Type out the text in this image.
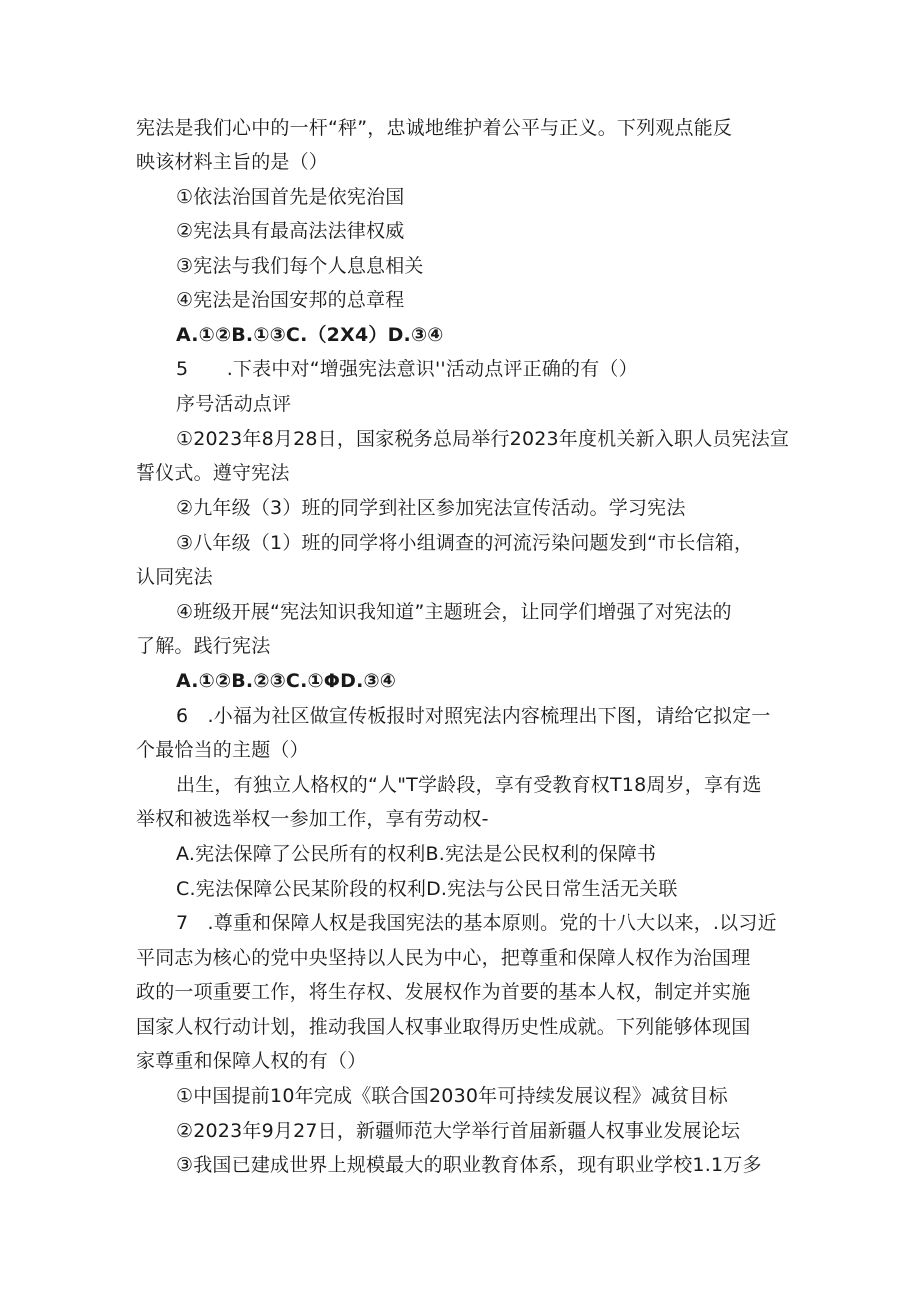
宪法是我们心中的一杆“秤”，忠诚地维护着公平与正义。下列观点能反
映该材料主旨的是（）
①依法治国首先是依宪治国
②宪法具有最高法法律权威
③宪法与我们每个人息息相关
④宪法是治国安邦的总章程
A.①②B.①③C.（2X4）D.③④
5　　.下表中对“增强宪法意识''活动点评正确的有（）
序号活动点评
①2023年8月28日，国家税务总局举行2023年度机关新入职人员宪法宣
誓仪式。遵守宪法
②九年级（3）班的同学到社区参加宪法宣传活动。学习宪法
③八年级（1）班的同学将小组调查的河流污染问题发到“市长信箱，
认同宪法
④班级开展“宪法知识我知道”主题班会，让同学们增强了对宪法的
了解。践行宪法
A.①②B.②③C.①ΦD.③④
6　.小福为社区做宣传板报时对照宪法内容梳理出下图，请给它拟定一
个最恰当的主题（）
出生，有独立人格权的“人"T学龄段，享有受教育权T18周岁，享有选
举权和被选举权一参加工作，享有劳动权-
A.宪法保障了公民所有的权利B.宪法是公民权利的保障书
C.宪法保障公民某阶段的权利D.宪法与公民日常生活无关联
7　.尊重和保障人权是我国宪法的基本原则。党的十八大以来，.以习近
平同志为核心的党中央坚持以人民为中心，把尊重和保障人权作为治国理
政的一项重要工作，将生存权、发展权作为首要的基本人权，制定并实施
国家人权行动计划，推动我国人权事业取得历史性成就。下列能够体现国
家尊重和保障人权的有（）
①中国提前10年完成《联合国2030年可持续发展议程》减贫目标
②2023年9月27日，新疆师范大学举行首届新疆人权事业发展论坛
③我国已建成世界上规模最大的职业教育体系，现有职业学校1.1万多
